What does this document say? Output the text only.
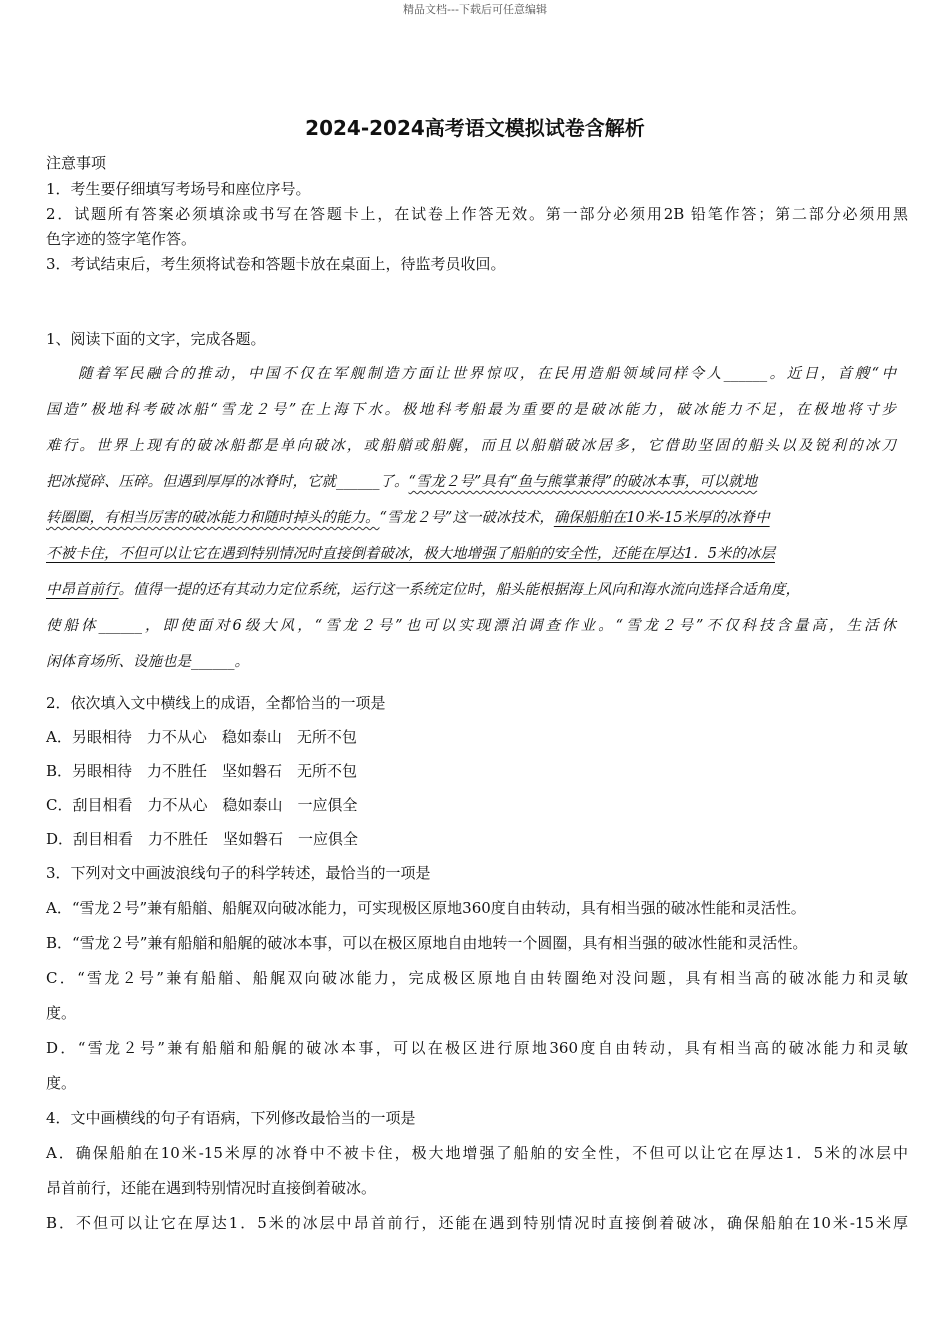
精品文档---下载后可任意编辑
2024-2024高考语文模拟试卷含解析
注意事项
1．考生要仔细填写考场号和座位序号。
2．试题所有答案必须填涂或书写在答题卡上，在试卷上作答无效。第一部分必须用2B 铅笔作答；第二部分必须用黑
色字迹的签字笔作答。
3．考试结束后，考生须将试卷和答题卡放在桌面上，待监考员收回。
1、阅读下面的文字，完成各题。
随着军民融合的推动，中国不仅在军舰制造方面让世界惊叹，在民用造船领域同样令人______。近日，首艘“中
国造”极地科考破冰船“雪龙２号”在上海下水。极地科考船最为重要的是破冰能力，破冰能力不足，在极地将寸步
难行。世界上现有的破冰船都是单向破冰，或船艏或船艉，而且以船艏破冰居多，它借助坚固的船头以及锐利的冰刀
把冰搅碎、压碎。但遇到厚厚的冰脊时，它就______了。“雪龙２号”具有“鱼与熊掌兼得”的破冰本事，可以就地
转圈圈，有相当厉害的破冰能力和随时掉头的能力。“雪龙２号”这一破冰技术，确保船舶在10米-15米厚的冰脊中
不被卡住，不但可以让它在遇到特别情况时直接倒着破冰，极大地增强了船舶的安全性，还能在厚达1．5米的冰层
中昂首前行。值得一提的还有其动力定位系统，运行这一系统定位时，船头能根据海上风向和海水流向选择合适角度，
使船体______，即使面对6级大风，“雪龙２号”也可以实现漂泊调查作业。“雪龙２号”不仅科技含量高，生活休
闲体育场所、设施也是______。
2．依次填入文中横线上的成语，全都恰当的一项是
A．另眼相待　力不从心　稳如泰山　无所不包
B．另眼相待　力不胜任　坚如磐石　无所不包
C．刮目相看　力不从心　稳如泰山　一应俱全
D．刮目相看　力不胜任　坚如磐石　一应俱全
3．下列对文中画波浪线句子的科学转述，最恰当的一项是
A．“雪龙２号”兼有船艏、船艉双向破冰能力，可实现极区原地360度自由转动，具有相当强的破冰性能和灵活性。
B．“雪龙２号”兼有船艏和船艉的破冰本事，可以在极区原地自由地转一个圆圈，具有相当强的破冰性能和灵活性。
C．“雪龙２号”兼有船艏、船艉双向破冰能力，完成极区原地自由转圈绝对没问题，具有相当高的破冰能力和灵敏
度。
D．“雪龙２号”兼有船艏和船艉的破冰本事，可以在极区进行原地360度自由转动，具有相当高的破冰能力和灵敏
度。
4．文中画横线的句子有语病，下列修改最恰当的一项是
A．确保船舶在10米-15米厚的冰脊中不被卡住，极大地增强了船舶的安全性，不但可以让它在厚达1．5米的冰层中
昂首前行，还能在遇到特别情况时直接倒着破冰。
B．不但可以让它在厚达1．5米的冰层中昂首前行，还能在遇到特别情况时直接倒着破冰，确保船舶在10米-15米厚
